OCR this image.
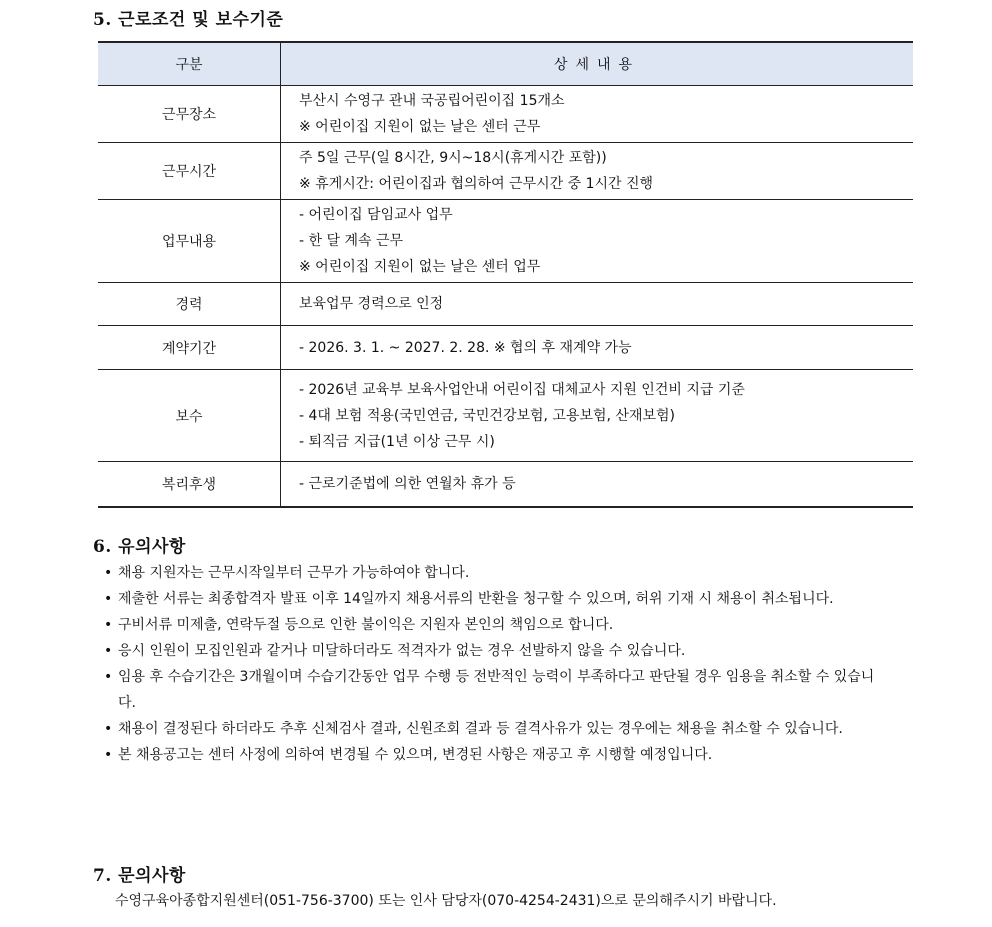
5. 근로조건 및 보수기준
구분	상세내용
근무장소	부산시 수영구 관내 국공립어린이집 15개소
※ 어린이집 지원이 없는 날은 센터 근무

근무시간	주 5일 근무(일 8시간, 9시~18시(휴게시간 포함))
※ 휴게시간: 어린이집과 협의하여 근무시간 중 1시간 진행

업무내용	- 어린이집 담임교사 업무
- 한 달 계속 근무
※ 어린이집 지원이 없는 날은 센터 업무

경력	보육업무 경력으로 인정

계약기간	- 2026. 3. 1. ~ 2027. 2. 28. ※ 협의 후 재계약 가능

보수	- 2026년 교육부 보육사업안내 어린이집 대체교사 지원 인건비 지급 기준
- 4대 보험 적용(국민연금, 국민건강보험, 고용보험, 산재보험)
- 퇴직금 지급(1년 이상 근무 시)

복리후생	- 근로기준법에 의한 연월차 휴가 등
6. 유의사항
• 채용 지원자는 근무시작일부터 근무가 가능하여야 합니다.
• 제출한 서류는 최종합격자 발표 이후 14일까지 채용서류의 반환을 청구할 수 있으며, 허위 기재 시 채용이 취소됩니다.
• 구비서류 미제출, 연락두절 등으로 인한 불이익은 지원자 본인의 책임으로 합니다.
• 응시 인원이 모집인원과 같거나 미달하더라도 적격자가 없는 경우 선발하지 않을 수 있습니다.
• 임용 후 수습기간은 3개월이며 수습기간동안 업무 수행 등 전반적인 능력이 부족하다고 판단될 경우 임용을 취소할 수 있습니다.
• 채용이 결정된다 하더라도 추후 신체검사 결과, 신원조회 결과 등 결격사유가 있는 경우에는 채용을 취소할 수 있습니다.
• 본 채용공고는 센터 사정에 의하여 변경될 수 있으며, 변경된 사항은 재공고 후 시행할 예정입니다.
7. 문의사항
수영구육아종합지원센터(051-756-3700) 또는 인사 담당자(070-4254-2431)으로 문의해주시기 바랍니다.
